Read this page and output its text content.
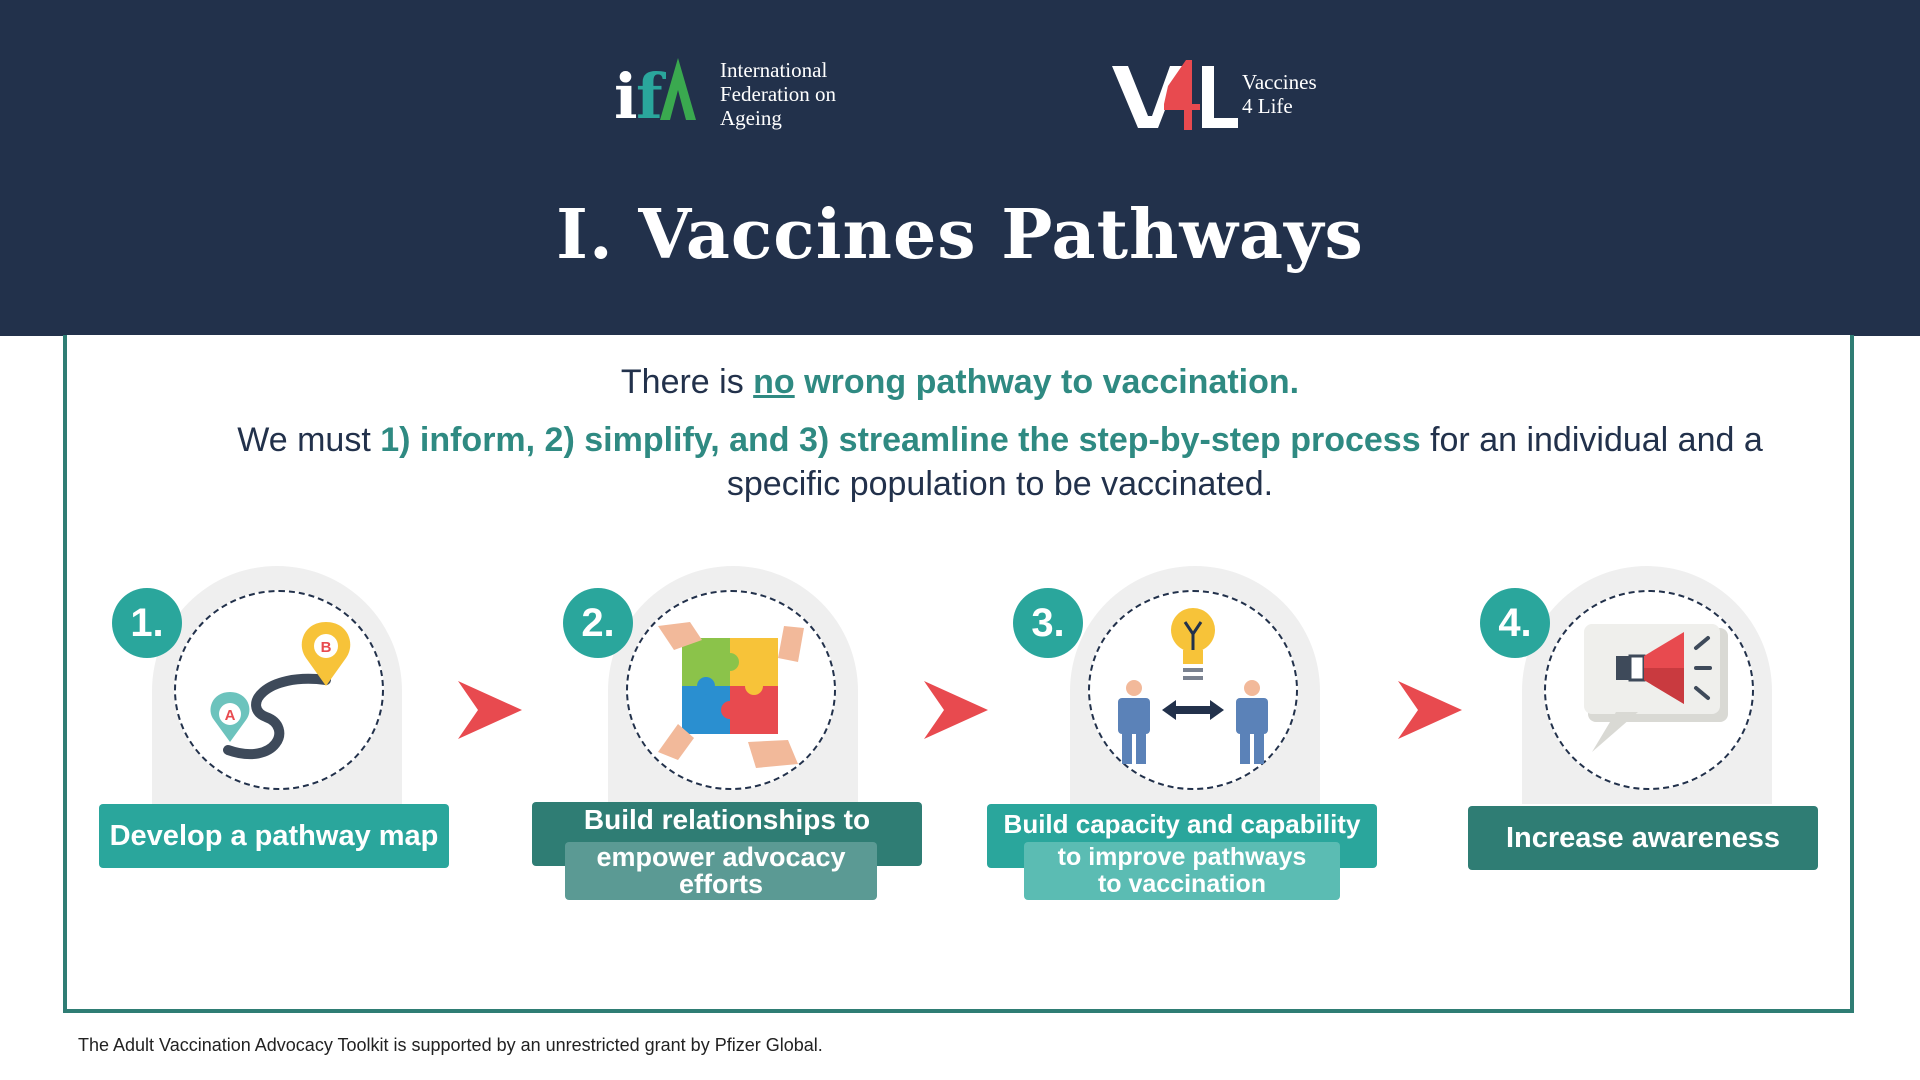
i
f	International
Federation on
Ageing
Vaccines
4 Life
I. Vaccines Pathways
There is no wrong pathway to vaccination.
We must 1) inform, 2) simplify, and 3) streamline the step-by-step process for an individual and a specific population to be vaccinated.
A
B
1.
Develop a pathway map
2.
Build relationships to
empower advocacy efforts
3.
Build capacity and capability
to improve pathways to vaccination
4.
Increase awareness
The Adult Vaccination Advocacy Toolkit is supported by an unrestricted grant by Pfizer Global.
